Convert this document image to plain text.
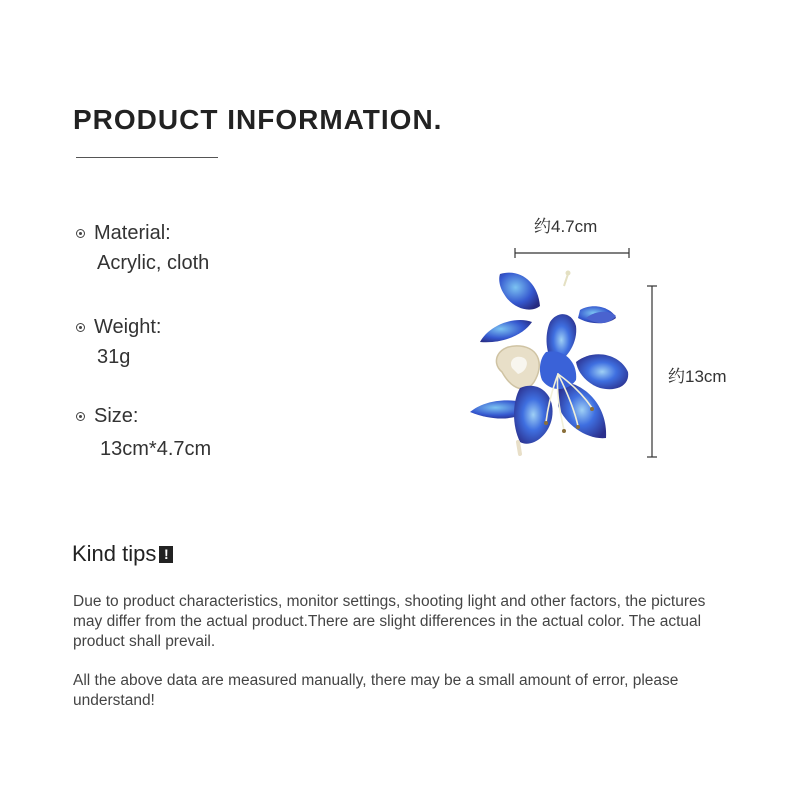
PRODUCT INFORMATION.
Material:
Acrylic, cloth
Weight:
31g
Size:
13cm*4.7cm
约4.7cm
约13cm
Kind tips !
Due to product characteristics, monitor settings, shooting light and other factors, the pictures may differ from the actual product.There are slight differences in the actual color. The actual product shall prevail.
All the above data are measured manually, there may be a small amount of error, please understand!
